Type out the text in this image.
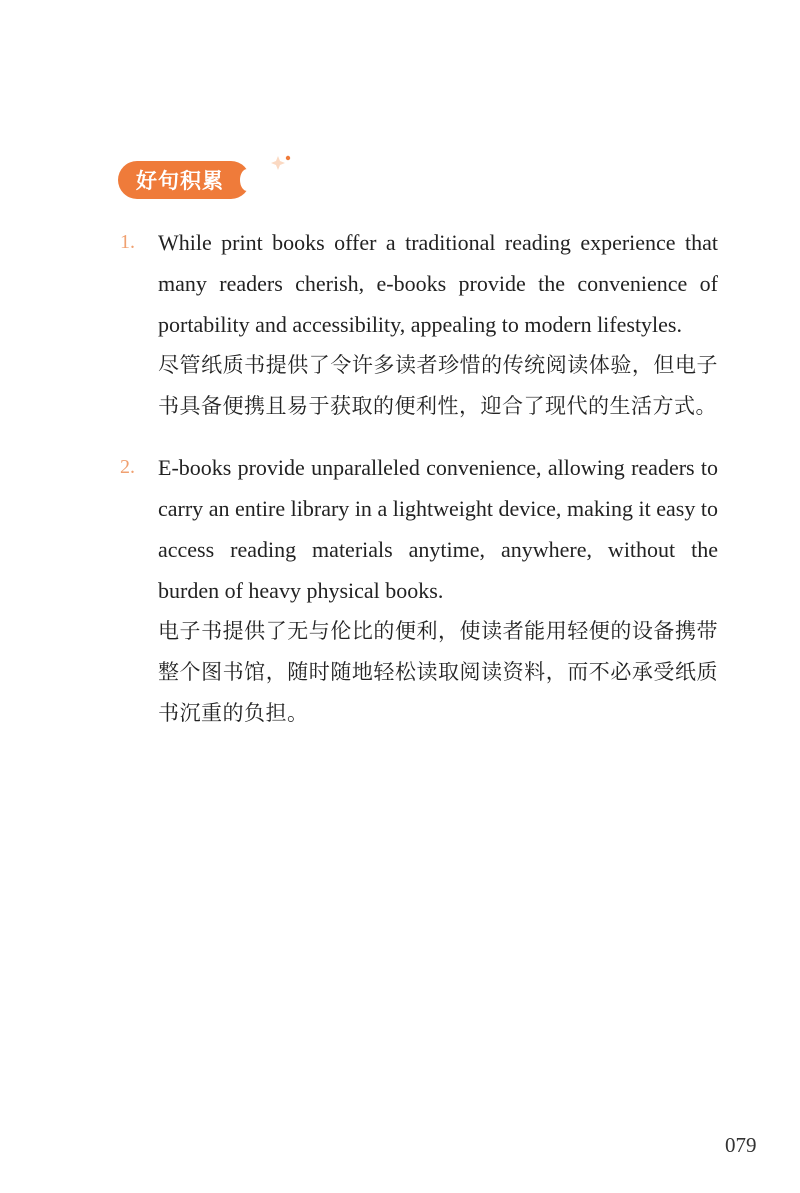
好句积累
1. While print books offer a traditional reading experience that many readers cherish, e-books provide the convenience of portability and accessibility, appealing to modern lifestyles.
尽管纸质书提供了令许多读者珍惜的传统阅读体验，但电子书具备便携且易于获取的便利性，迎合了现代的生活方式。
2. E-books provide unparalleled convenience, allowing readers to carry an entire library in a lightweight device, making it easy to access reading materials anytime, anywhere, without the burden of heavy physical books.
电子书提供了无与伦比的便利，使读者能用轻便的设备携带整个图书馆，随时随地轻松读取阅读资料，而不必承受纸质书沉重的负担。
079
